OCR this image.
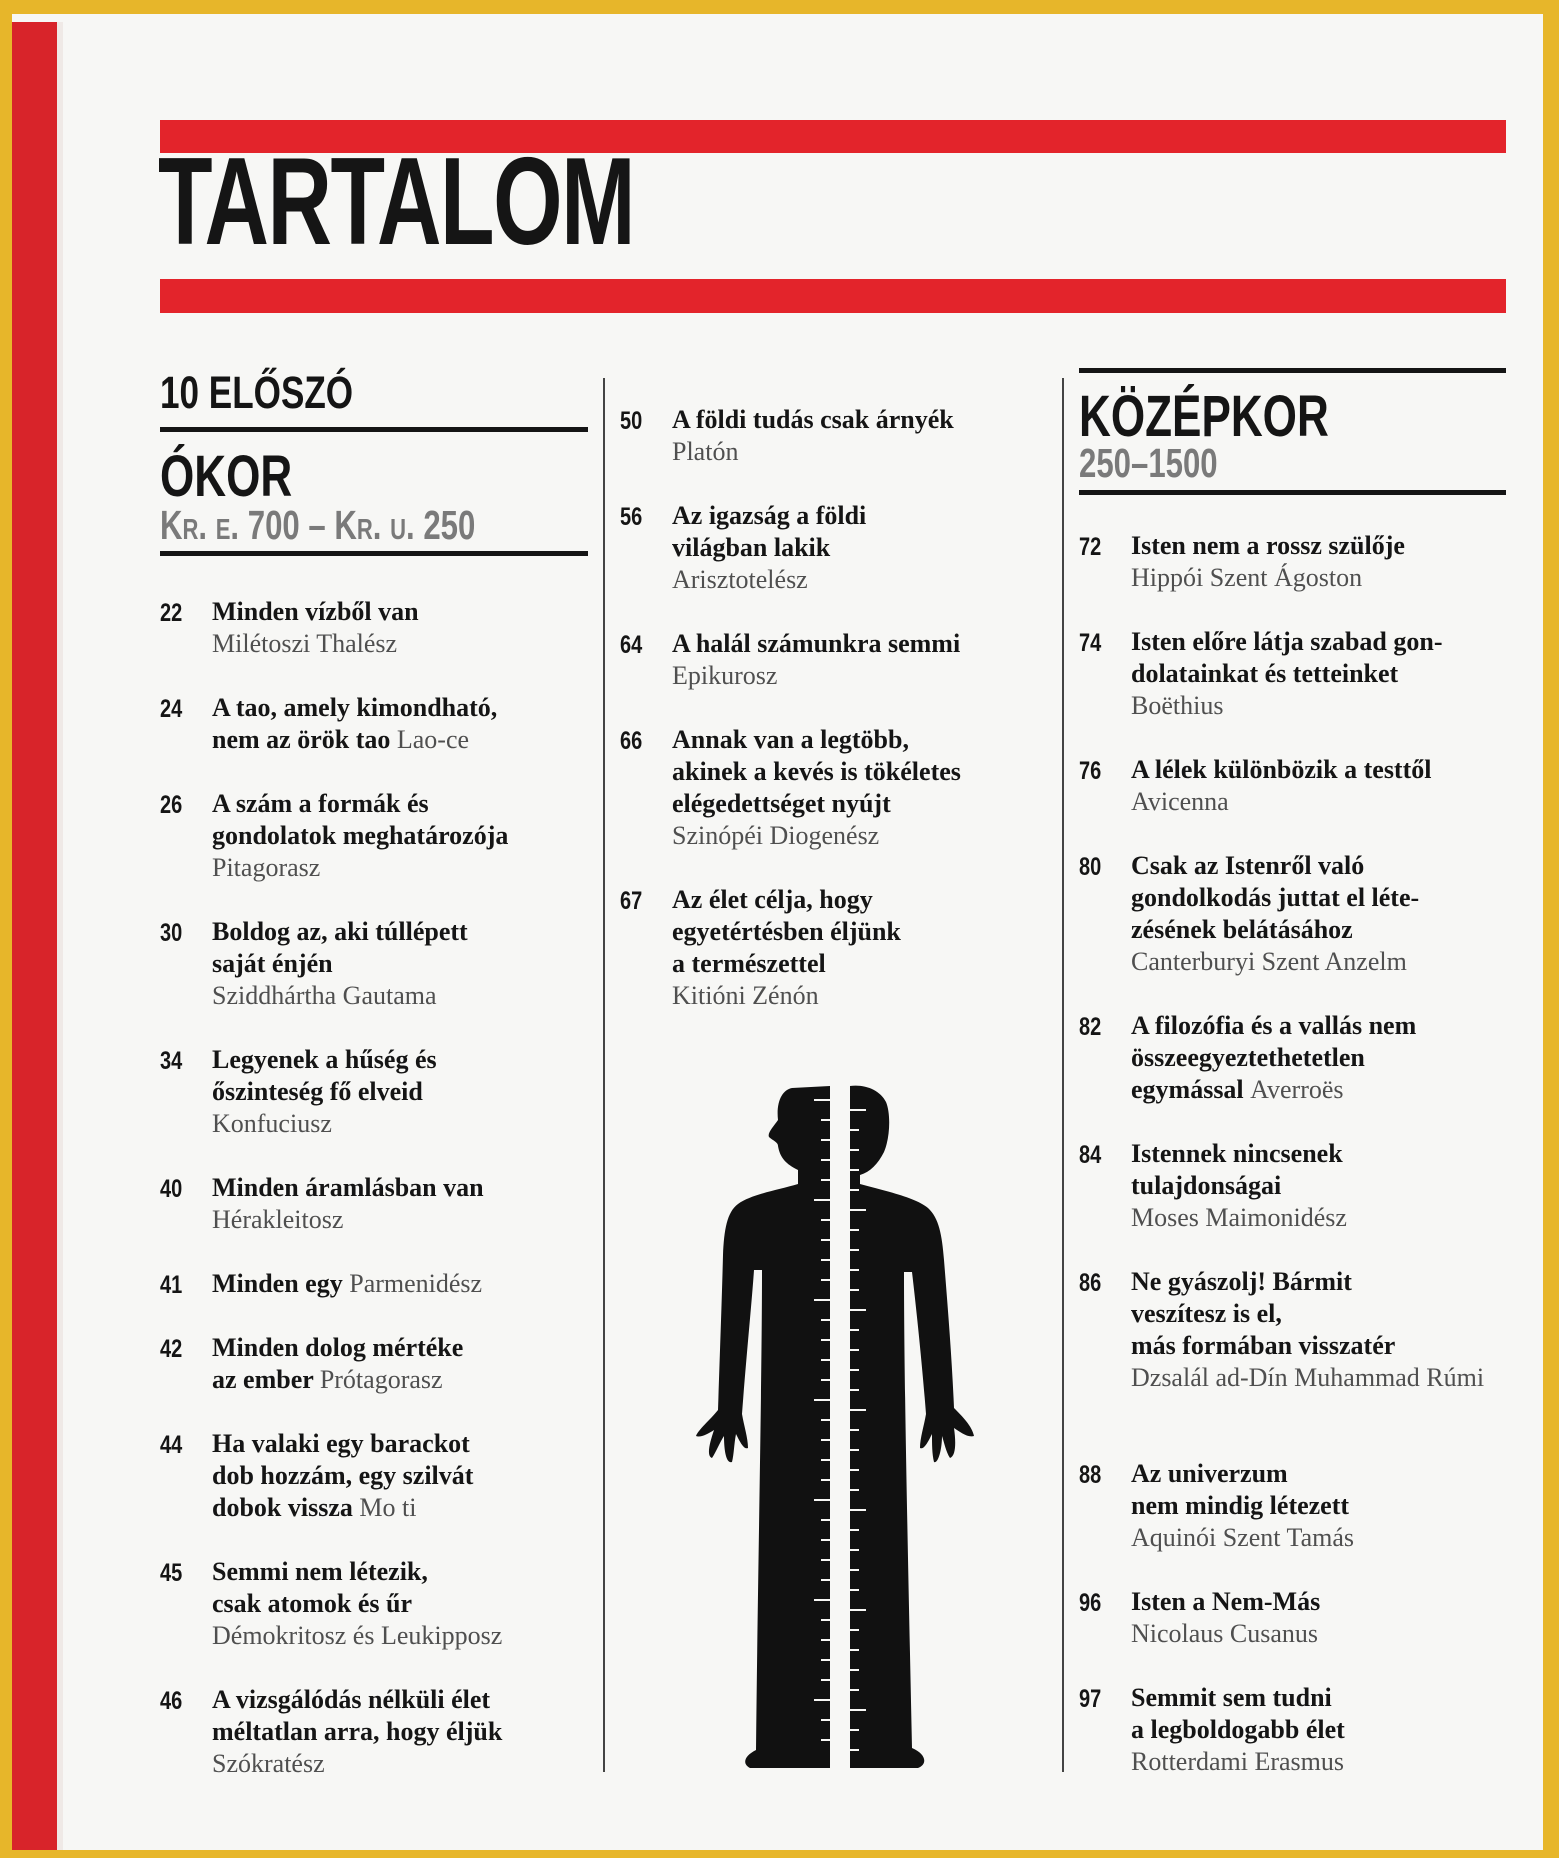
TARTALOM
10 ELŐSZÓ
ÓKOR
Kr. e. 700 – Kr. u. 250
KÖZÉPKOR
250–1500
22 Minden vízből van
Milétoszi Thalész
24 A tao, amely kimondható,
nem az örök tao Lao-ce
26 A szám a formák és
gondolatok meghatározója
Pitagorasz
30 Boldog az, aki túllépett
saját énjén
Sziddhártha Gautama
34 Legyenek a hűség és
őszinteség fő elveid
Konfuciusz
40 Minden áramlásban van
Hérakleitosz
41 Minden egy Parmenidész
42 Minden dolog mértéke
az ember Prótagorasz
44 Ha valaki egy barackot
dob hozzám, egy szilvát
dobok vissza Mo ti
45 Semmi nem létezik,
csak atomok és űr
Démokritosz és Leukipposz
46 A vizsgálódás nélküli élet
méltatlan arra, hogy éljük
Szókratész
50 A földi tudás csak árnyék
Platón
56 Az igazság a földi
világban lakik
Arisztotelész
64 A halál számunkra semmi
Epikurosz
66 Annak van a legtöbb,
akinek a kevés is tökéletes
elégedettséget nyújt
Szinópéi Diogenész
67 Az élet célja, hogy
egyetértésben éljünk
a természettel
Kitióni Zénón
72 Isten nem a rossz szülője
Hippói Szent Ágoston
74 Isten előre látja szabad gon-
dolatainkat és tetteinket
Boëthius
76 A lélek különbözik a testtől
Avicenna
80 Csak az Istenről való
gondolkodás juttat el léte-
zésének belátásához
Canterburyi Szent Anzelm
82 A filozófia és a vallás nem
összeegyeztethetetlen
egymással Averroës
84 Istennek nincsenek
tulajdonságai
Moses Maimonidész
86 Ne gyászolj! Bármit
veszítesz is el,
más formában visszatér
Dzsalál ad-Dín Muhammad Rúmi
88 Az univerzum
nem mindig létezett
Aquinói Szent Tamás
96 Isten a Nem-Más
Nicolaus Cusanus
97 Semmit sem tudni
a legboldogabb élet
Rotterdami Erasmus
